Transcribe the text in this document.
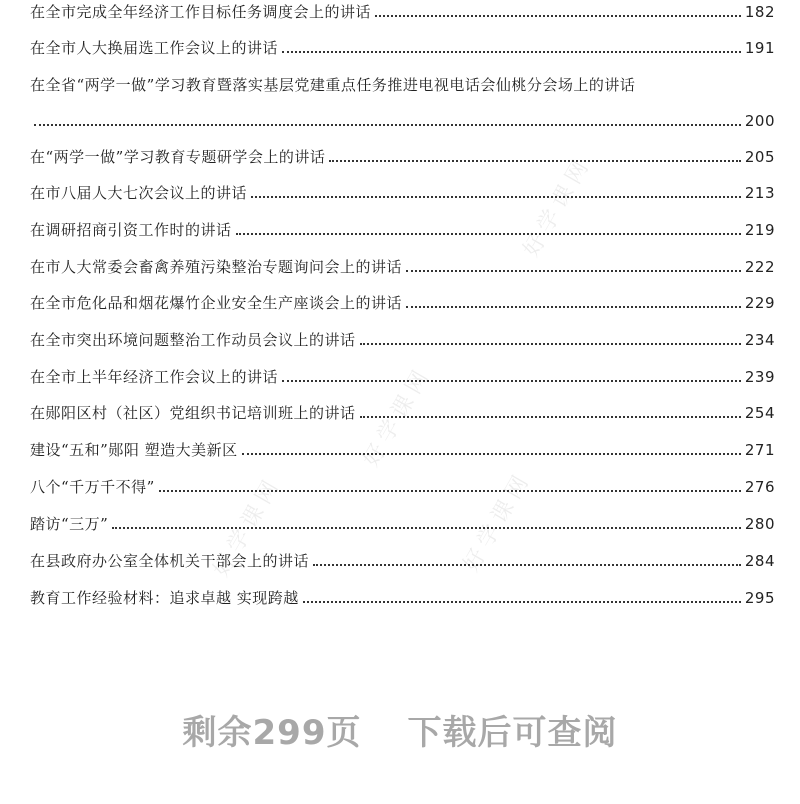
好学课网
好学课网
好学课网
好学课网
在全市完成全年经济工作目标任务调度会上的讲话	182
在全市人大换届选工作会议上的讲话	191
在全省“两学一做”学习教育暨落实基层党建重点任务推进电视电话会仙桃分会场上的讲话
200
在“两学一做”学习教育专题研学会上的讲话	205
在市八届人大七次会议上的讲话	213
在调研招商引资工作时的讲话	219
在市人大常委会畜禽养殖污染整治专题询问会上的讲话	222
在全市危化品和烟花爆竹企业安全生产座谈会上的讲话	229
在全市突出环境问题整治工作动员会议上的讲话	234
在全市上半年经济工作会议上的讲话	239
在郧阳区村（社区）党组织书记培训班上的讲话	254
建设“五和”郧阳 塑造大美新区	271
八个“千万千不得”	276
踏访“三万”	280
在县政府办公室全体机关干部会上的讲话	284
教育工作经验材料：追求卓越 实现跨越	295
剩余299页 下载后可查阅
